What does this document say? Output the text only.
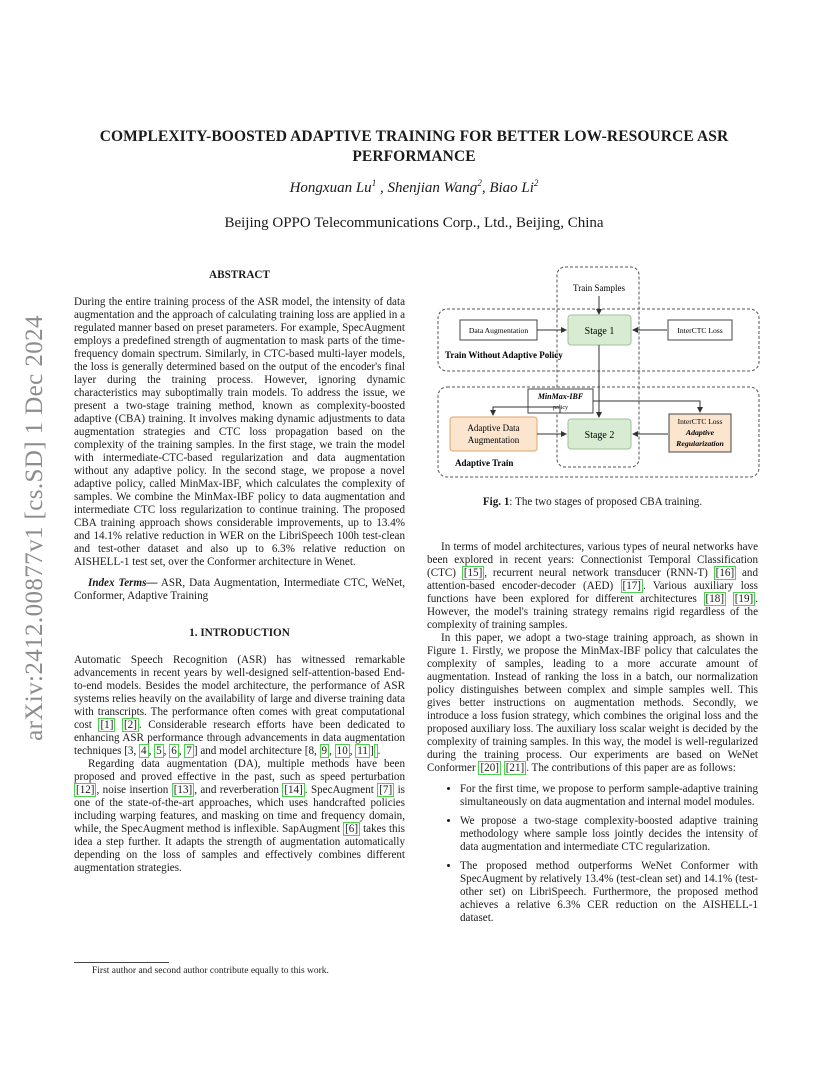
COMPLEXITY-BOOSTED ADAPTIVE TRAINING FOR BETTER LOW-RESOURCE ASR PERFORMANCE
Hongxuan Lu$^1$ , Shenjian Wang$^2$, Biao Li$^2$
Beijing OPPO Telecommunications Corp., Ltd., Beijing, China
arXiv:2412.00877v1 [cs.SD] 1 Dec 2024

ABSTRACT

During the entire training process of the ASR model, the intensity of data augmentation and the approach of calculating training loss are applied in a regulated manner based on preset parameters. For example, SpecAugment employs a predefined strength of augmentation to mask parts of the time-frequency domain spectrum. Similarly, in CTC-based multi-layer models, the loss is generally determined based on the output of the encoder's final layer during the training process. However, ignoring dynamic characteristics may suboptimally train models. To address the issue, we present a two-stage training method, known as complexity-boosted adaptive (CBA) training. It involves making dynamic adjustments to data augmentation strategies and CTC loss propagation based on the complexity of the training samples. In the first stage, we train the model with intermediate-CTC-based regularization and data augmentation without any adaptive policy. In the second stage, we propose a novel adaptive policy, called MinMax-IBF, which calculates the complexity of samples. We combine the MinMax-IBF policy to data augmentation and intermediate CTC loss regularization to continue training. The proposed CBA training approach shows considerable improvements, up to 13.4% and 14.1% relative reduction in WER on the LibriSpeech 100h test-clean and test-other dataset and also up to 6.3% relative reduction on AISHELL-1 test set, over the Conformer architecture in Wenet.

Index Terms— ASR, Data Augmentation, Intermediate CTC, WeNet, Conformer, Adaptive Training

1. INTRODUCTION

Automatic Speech Recognition (ASR) has witnessed remarkable advancements in recent years by well-designed self-attention-based End-to-end models. Besides the model architecture, the performance of ASR systems relies heavily on the availability of large and diverse training data with transcripts. The performance often comes with great computational cost [1] [2] . Considerable research efforts have been dedicated to enhancing ASR performance through advancements in data augmentation techniques [3, 4 , 5 , 6 , 7 ] and model architecture [8, 9 , 10 , 11 ] .

Regarding data augmentation (DA), multiple methods have been proposed and proved effective in the past, such as speed perturbation [12] , noise insertion [13] , and reverberation [14] . SpecAugment [7] is one of the state-of-the-art approaches, which uses handcrafted policies including warping features, and masking on time and frequency domain, while, the SpecAugment method is inflexible. SapAugment [6] takes this idea a step further. It adapts the strength of augmentation automatically depending on the loss of samples and effectively combines different augmentation strategies.

First author and second author contribute equally to this work.
Train Samples
Data Augmentation	Stage 1	InterCTC Loss
Train Without Adaptive Policy
MinMax-IBF
policy
Adaptive Data
Augmentation	Stage 2
InterCTC Loss
Adaptive
Regularization
Adaptive Train
Fig. 1: The two stages of proposed CBA training.

In terms of model architectures, various types of neural networks have been explored in recent years: Connectionist Temporal Classification (CTC) [15] , recurrent neural network transducer (RNN-T) [16] and attention-based encoder-decoder (AED) [17] . Various auxiliary loss functions have been explored for different architectures [18] [19] . However, the model's training strategy remains rigid regardless of the complexity of training samples.

In this paper, we adopt a two-stage training approach, as shown in Figure 1. Firstly, we propose the MinMax-IBF policy that calculates the complexity of samples, leading to a more accurate amount of augmentation. Instead of ranking the loss in a batch, our normalization policy distinguishes between complex and simple samples well. This gives better instructions on augmentation methods. Secondly, we introduce a loss fusion strategy, which combines the original loss and the proposed auxiliary loss. The auxiliary loss scalar weight is decided by the complexity of training samples. In this way, the model is well-regularized during the training process. Our experiments are based on WeNet Conformer [20] [21] . The contributions of this paper are as follows:

• For the first time, we propose to perform sample-adaptive training simultaneously on data augmentation and internal model modules.
• We propose a two-stage complexity-boosted adaptive training methodology where sample loss jointly decides the intensity of data augmentation and intermediate CTC regularization.
• The proposed method outperforms WeNet Conformer with SpecAugment by relatively 13.4% (test-clean set) and 14.1% (test-other set) on LibriSpeech. Furthermore, the proposed method achieves a relative 6.3% CER reduction on the AISHELL-1 dataset.
